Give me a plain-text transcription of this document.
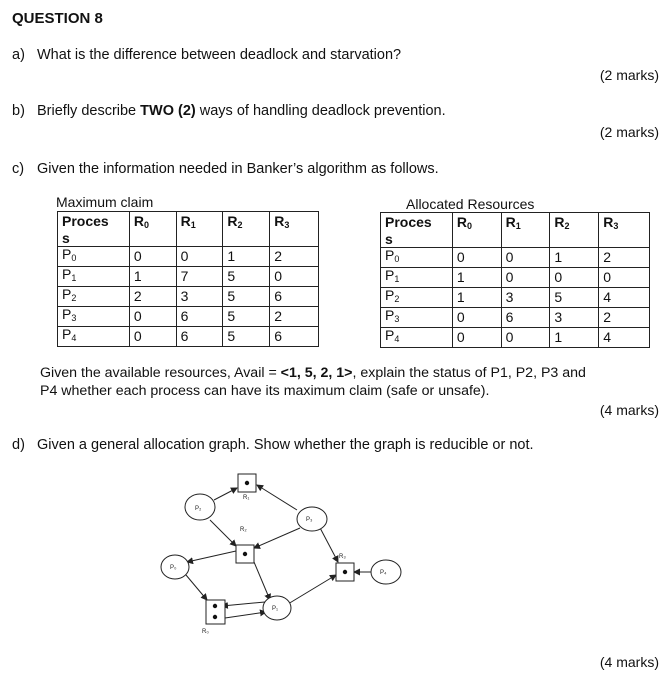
QUESTION 8
a) What is the difference between deadlock and starvation?
(2 marks)
b) Briefly describe TWO (2) ways of handling deadlock prevention.
(2 marks)
c) Given the information needed in Banker’s algorithm as follows.
Maximum claim
Proces	$R_0$	$R_1$	$R_2$	$R_3$
s				
$P_0$	0	0	1	2
$P_1$	1	7	5	0
$P_2$	2	3	5	6
$P_3$	0	6	5	2
$P_4$	0	6	5	6
Allocated Resources
Proces	$R_0$	$R_1$	$R_2$	$R_3$
s				
$P_0$	0	0	1	2
$P_1$	1	0	0	0
$P_2$	1	3	5	4
$P_3$	0	6	3	2
$P_4$	0	0	1	4
Given the available resources, Avail = <1, 5, 2, 1>, explain the status of P1, P2, P3 and
P4 whether each process can have its maximum claim (safe or unsafe).
(4 marks)
d) Given a general allocation graph. Show whether the graph is reducible or not.
R₁
R₂
R₃
R₀
P₂
P₃
P₀
P₁
P₄
(4 marks)
